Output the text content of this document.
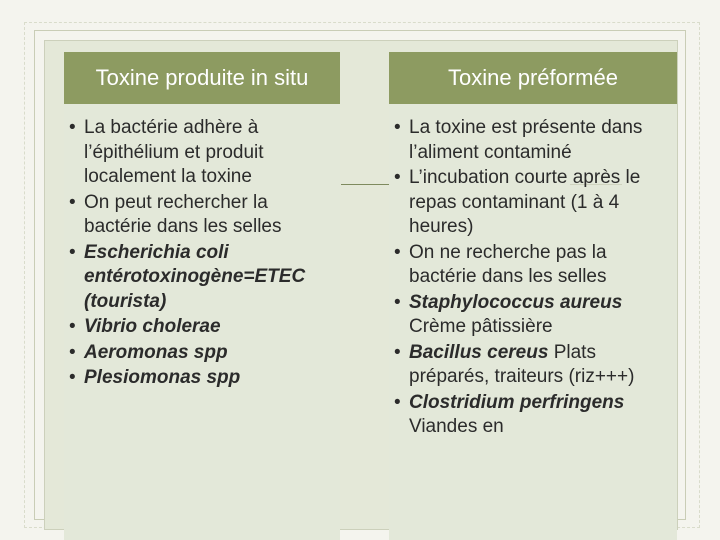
Toxine produite in situ	Toxine préformée
• La bactérie adhère à l’épithélium et produit localement la toxine
• On peut rechercher la bactérie dans les selles
• Escherichia coli entérotoxinogène=ETEC (tourista)
• Vibrio cholerae
• Aeromonas spp
• Plesiomonas spp
• La toxine est présente dans l’aliment contaminé
• L’incubation courte après le repas contaminant (1 à 4 heures)
• On ne recherche pas la bactérie dans les selles
• Staphylococcus aureus Crème pâtissière
• Bacillus cereus Plats préparés, traiteurs (riz+++)
• Clostridium perfringens Viandes en
